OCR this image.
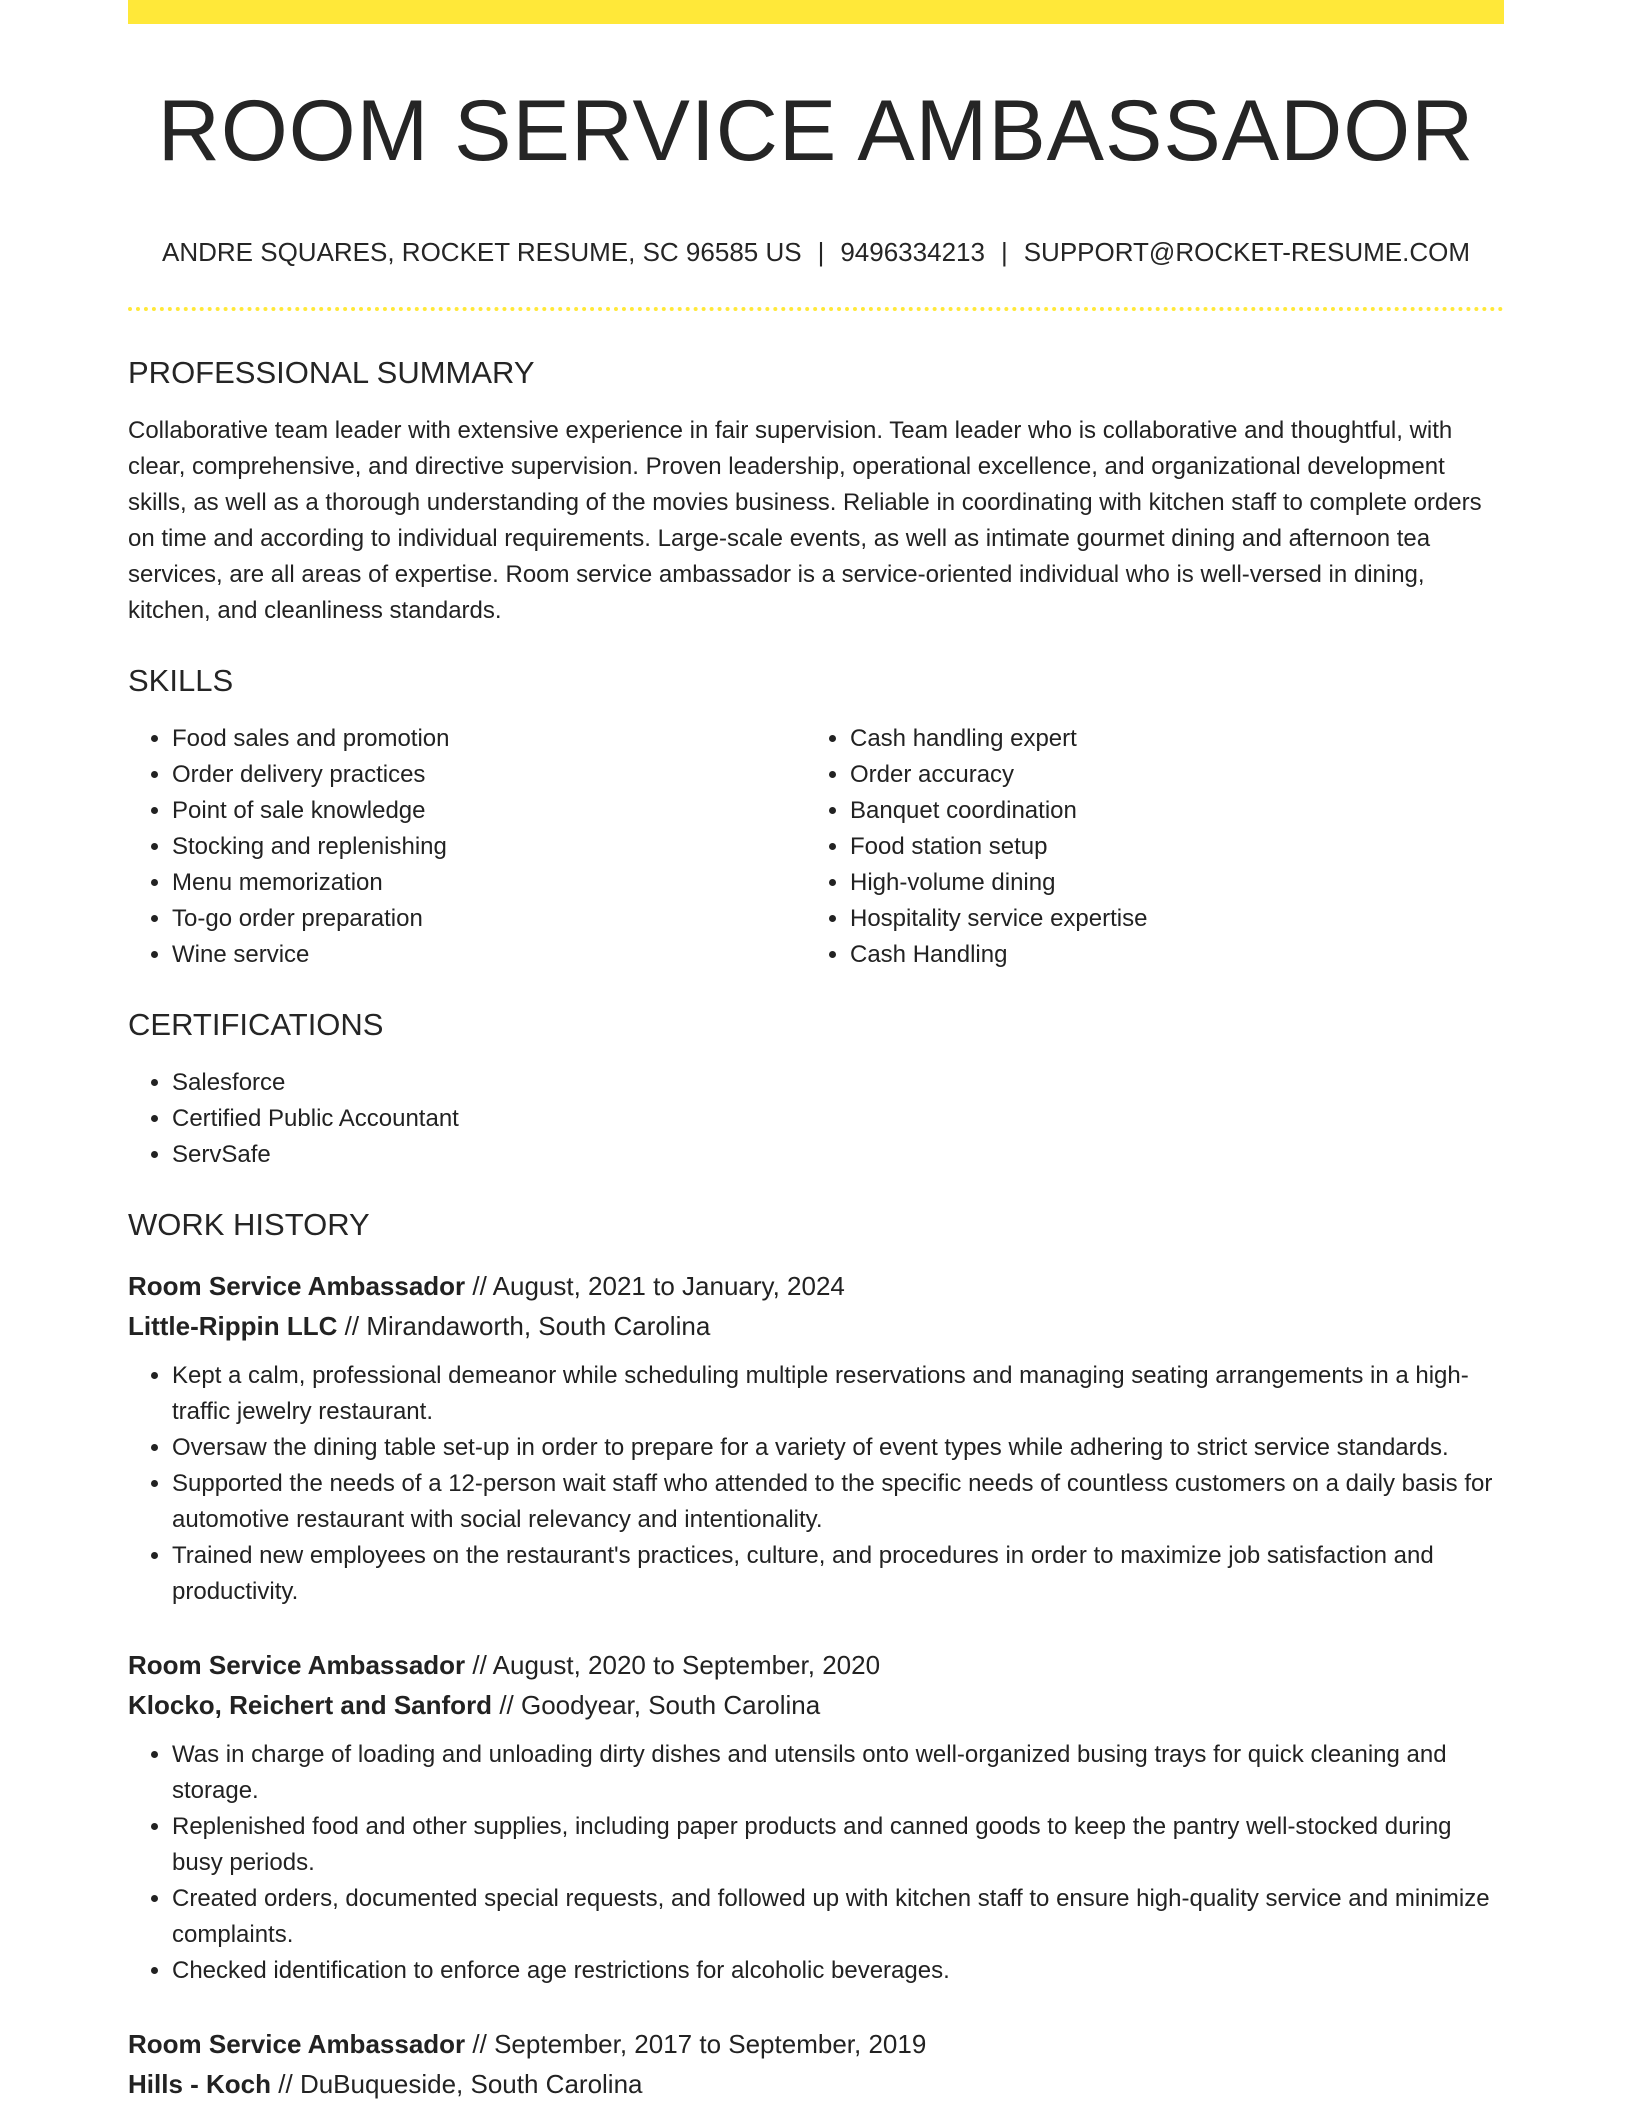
ROOM SERVICE AMBASSADOR
ANDRE SQUARES, ROCKET RESUME, SC 96585 US | 9496334213 | SUPPORT@ROCKET-RESUME.COM
PROFESSIONAL SUMMARY

Collaborative team leader with extensive experience in fair supervision. Team leader who is collaborative and thoughtful, with clear, comprehensive, and directive supervision. Proven leadership, operational excellence, and organizational development skills, as well as a thorough understanding of the movies business. Reliable in coordinating with kitchen staff to complete orders on time and according to individual requirements. Large-scale events, as well as intimate gourmet dining and afternoon tea services, are all areas of expertise. Room service ambassador is a service-oriented individual who is well-versed in dining, kitchen, and cleanliness standards.

SKILLS
• Food sales and promotion
• Order delivery practices
• Point of sale knowledge
• Stocking and replenishing
• Menu memorization
• To-go order preparation
• Wine service
• Cash handling expert
• Order accuracy
• Banquet coordination
• Food station setup
• High-volume dining
• Hospitality service expertise
• Cash Handling
CERTIFICATIONS
• Salesforce
• Certified Public Accountant
• ServSafe
WORK HISTORY
Room Service Ambassador // August, 2021 to January, 2024
Little-Rippin LLC // Mirandaworth, South Carolina
• Kept a calm, professional demeanor while scheduling multiple reservations and managing seating arrangements in a high-traffic jewelry restaurant.
• Oversaw the dining table set-up in order to prepare for a variety of event types while adhering to strict service standards.
• Supported the needs of a 12-person wait staff who attended to the specific needs of countless customers on a daily basis for automotive restaurant with social relevancy and intentionality.
• Trained new employees on the restaurant's practices, culture, and procedures in order to maximize job satisfaction and productivity.
Room Service Ambassador // August, 2020 to September, 2020
Klocko, Reichert and Sanford // Goodyear, South Carolina
• Was in charge of loading and unloading dirty dishes and utensils onto well-organized busing trays for quick cleaning and storage.
• Replenished food and other supplies, including paper products and canned goods to keep the pantry well-stocked during busy periods.
• Created orders, documented special requests, and followed up with kitchen staff to ensure high-quality service and minimize complaints.
• Checked identification to enforce age restrictions for alcoholic beverages.
Room Service Ambassador // September, 2017 to September, 2019
Hills - Koch // DuBuqueside, South Carolina
